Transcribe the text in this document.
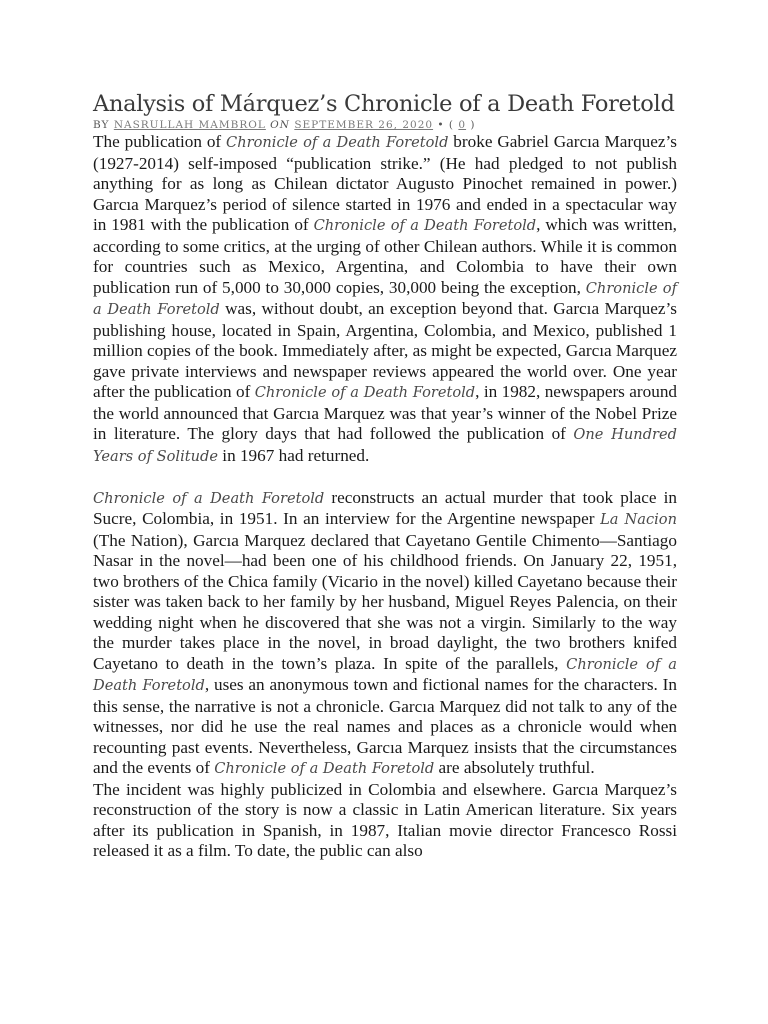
Analysis of Márquez’s Chronicle of a Death Foretold
BY NASRULLAH MAMBROL ON SEPTEMBER 26, 2020 • ( 0 )

The publication of Chronicle of a Death Foretold broke Gabriel Garcıa Marquez’s (1927-2014) self-imposed “publication strike.” (He had pledged to not publish anything for as long as Chilean dictator Augusto Pinochet remained in power.) Garcıa Marquez’s period of silence started in 1976 and ended in a spectacular way in 1981 with the publication of Chronicle of a Death Foretold, which was written, according to some critics, at the urging of other Chilean authors. While it is common for countries such as Mexico, Argentina, and Colombia to have their own publication run of 5,000 to 30,000 copies, 30,000 being the exception, Chronicle of a Death Foretold was, without doubt, an exception beyond that. Garcıa Marquez’s publishing house, located in Spain, Argentina, Colombia, and Mexico, published 1 million copies of the book. Immediately after, as might be expected, Garcıa Marquez gave private interviews and newspaper reviews appeared the world over. One year after the publication of Chronicle of a Death Foretold, in 1982, newspapers around the world announced that Garcıa Marquez was that year’s winner of the Nobel Prize in literature. The glory days that had followed the publication of One Hundred Years of Solitude in 1967 had returned.

Chronicle of a Death Foretold reconstructs an actual murder that took place in Sucre, Colombia, in 1951. In an interview for the Argentine newspaper La Nacion (The Nation), Garcıa Marquez declared that Cayetano Gentile Chimento—Santiago Nasar in the novel—had been one of his childhood friends. On January 22, 1951, two brothers of the Chica family (Vicario in the novel) killed Cayetano because their sister was taken back to her family by her husband, Miguel Reyes Palencia, on their wedding night when he discovered that she was not a virgin. Similarly to the way the murder takes place in the novel, in broad daylight, the two brothers knifed Cayetano to death in the town’s plaza. In spite of the parallels, Chronicle of a Death Foretold, uses an anonymous town and fictional names for the characters. In this sense, the narrative is not a chronicle. Garcıa Marquez did not talk to any of the witnesses, nor did he use the real names and places as a chronicle would when recounting past events. Nevertheless, Garcıa Marquez insists that the circumstances and the events of Chronicle of a Death Foretold are absolutely truthful.

The incident was highly publicized in Colombia and elsewhere. Garcıa Marquez’s reconstruction of the story is now a classic in Latin American literature. Six years after its publication in Spanish, in 1987, Italian movie director Francesco Rossi released it as a film. To date, the public can also
